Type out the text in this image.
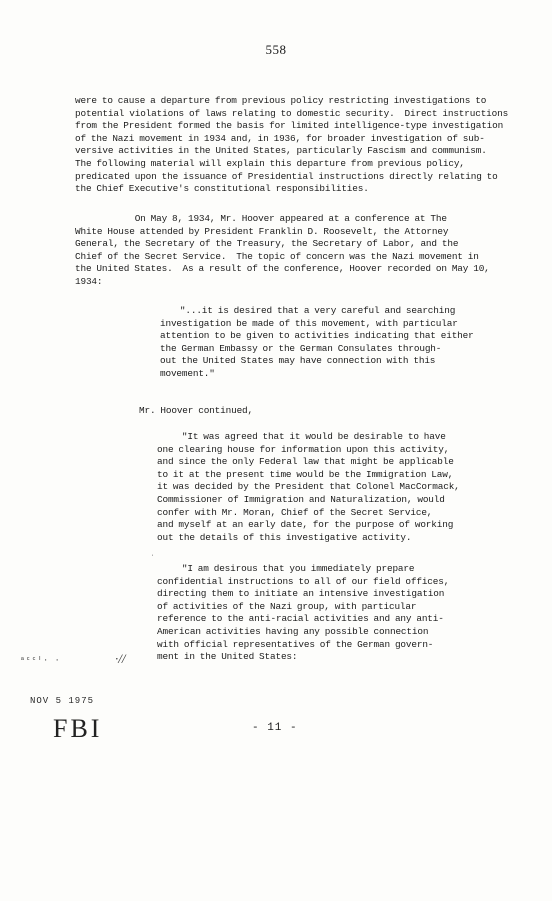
558

were to cause a departure from previous policy restricting investigations to
potential violations of laws relating to domestic security.  Direct instructions
from the President formed the basis for limited intelligence-type investigation
of the Nazi movement in 1934 and, in 1936, for broader investigation of sub-
versive activities in the United States, particularly Fascism and communism.
The following material will explain this departure from previous policy,
predicated upon the issuance of Presidential instructions directly relating to
the Chief Executive's constitutional responsibilities.

On May 8, 1934, Mr. Hoover appeared at a conference at The
White House attended by President Franklin D. Roosevelt, the Attorney
General, the Secretary of the Treasury, the Secretary of Labor, and the
Chief of the Secret Service.  The topic of concern was the Nazi movement in
the United States.  As a result of the conference, Hoover recorded on May 10,
1934:

"...it is desired that a very careful and searching
investigation be made of this movement, with particular
attention to be given to activities indicating that either
the German Embassy or the German Consulates through-
out the United States may have connection with this
movement."

Mr. Hoover continued,

"It was agreed that it would be desirable to have
one clearing house for information upon this activity,
and since the only Federal law that might be applicable
to it at the present time would be the Immigration Law,
it was decided by the President that Colonel MacCormack,
Commissioner of Immigration and Naturalization, would
confer with Mr. Moran, Chief of the Secret Service,
and myself at an early date, for the purpose of working
out the details of this investigative activity.

ˈ

"I am desirous that you immediately prepare
confidential instructions to all of our field offices,
directing them to initiate an intensive investigation
of activities of the Nazi group, with particular
reference to the anti-racial activities and any anti-
American activities having any possible connection
with official representatives of the German govern-
ment in the United States:

ᵃᶜᶜᴵ· ·	·//
NOV 5 1975
FBI	- 11 -
